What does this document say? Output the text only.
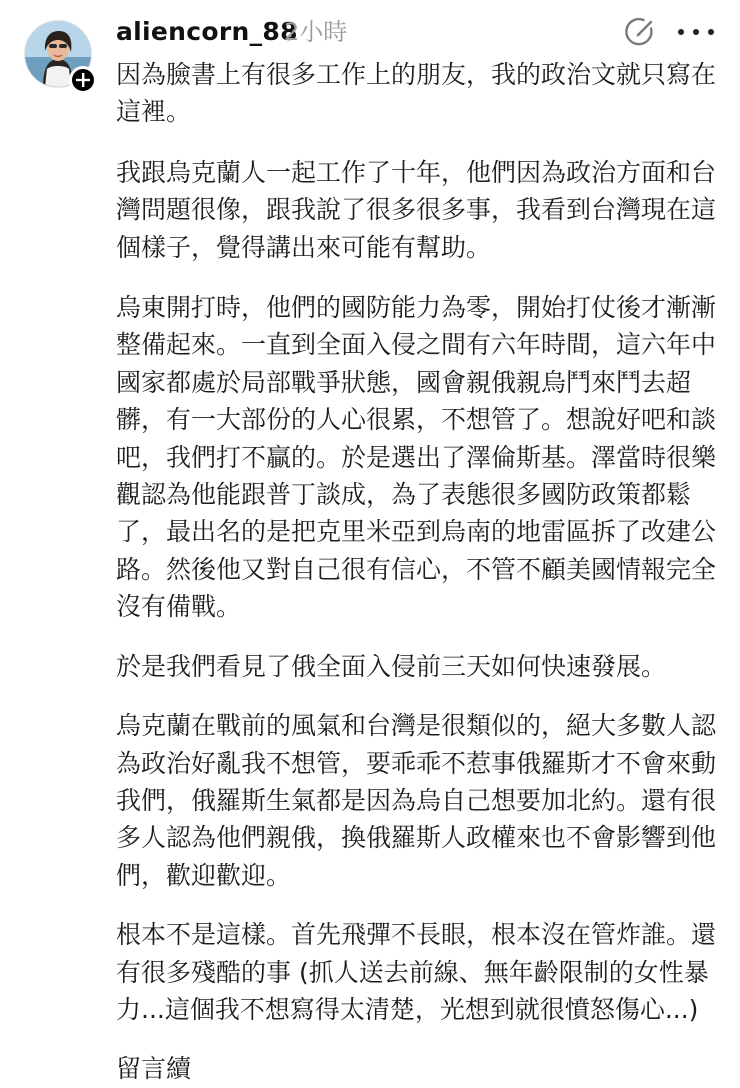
aliencorn_88
2小時

因為臉書上有很多工作上的朋友，我的政治文就只寫在
這裡。

我跟烏克蘭人一起工作了十年，他們因為政治方面和台
灣問題很像，跟我說了很多很多事，我看到台灣現在這
個樣子，覺得講出來可能有幫助。

烏東開打時，他們的國防能力為零，開始打仗後才漸漸
整備起來。一直到全面入侵之間有六年時間，這六年中
國家都處於局部戰爭狀態，國會親俄親烏鬥來鬥去超
髒，有一大部份的人心很累，不想管了。想說好吧和談
吧，我們打不贏的。於是選出了澤倫斯基。澤當時很樂
觀認為他能跟普丁談成，為了表態很多國防政策都鬆
了，最出名的是把克里米亞到烏南的地雷區拆了改建公
路。然後他又對自己很有信心，不管不顧美國情報完全
沒有備戰。

於是我們看見了俄全面入侵前三天如何快速發展。

烏克蘭在戰前的風氣和台灣是很類似的，絕大多數人認
為政治好亂我不想管，要乖乖不惹事俄羅斯才不會來動
我們，俄羅斯生氣都是因為烏自己想要加北約。還有很
多人認為他們親俄，換俄羅斯人政權來也不會影響到他
們，歡迎歡迎。

根本不是這樣。首先飛彈不長眼，根本沒在管炸誰。還
有很多殘酷的事 (抓人送去前線、無年齡限制的女性暴
力...這個我不想寫得太清楚，光想到就很憤怒傷心...)

留言續
